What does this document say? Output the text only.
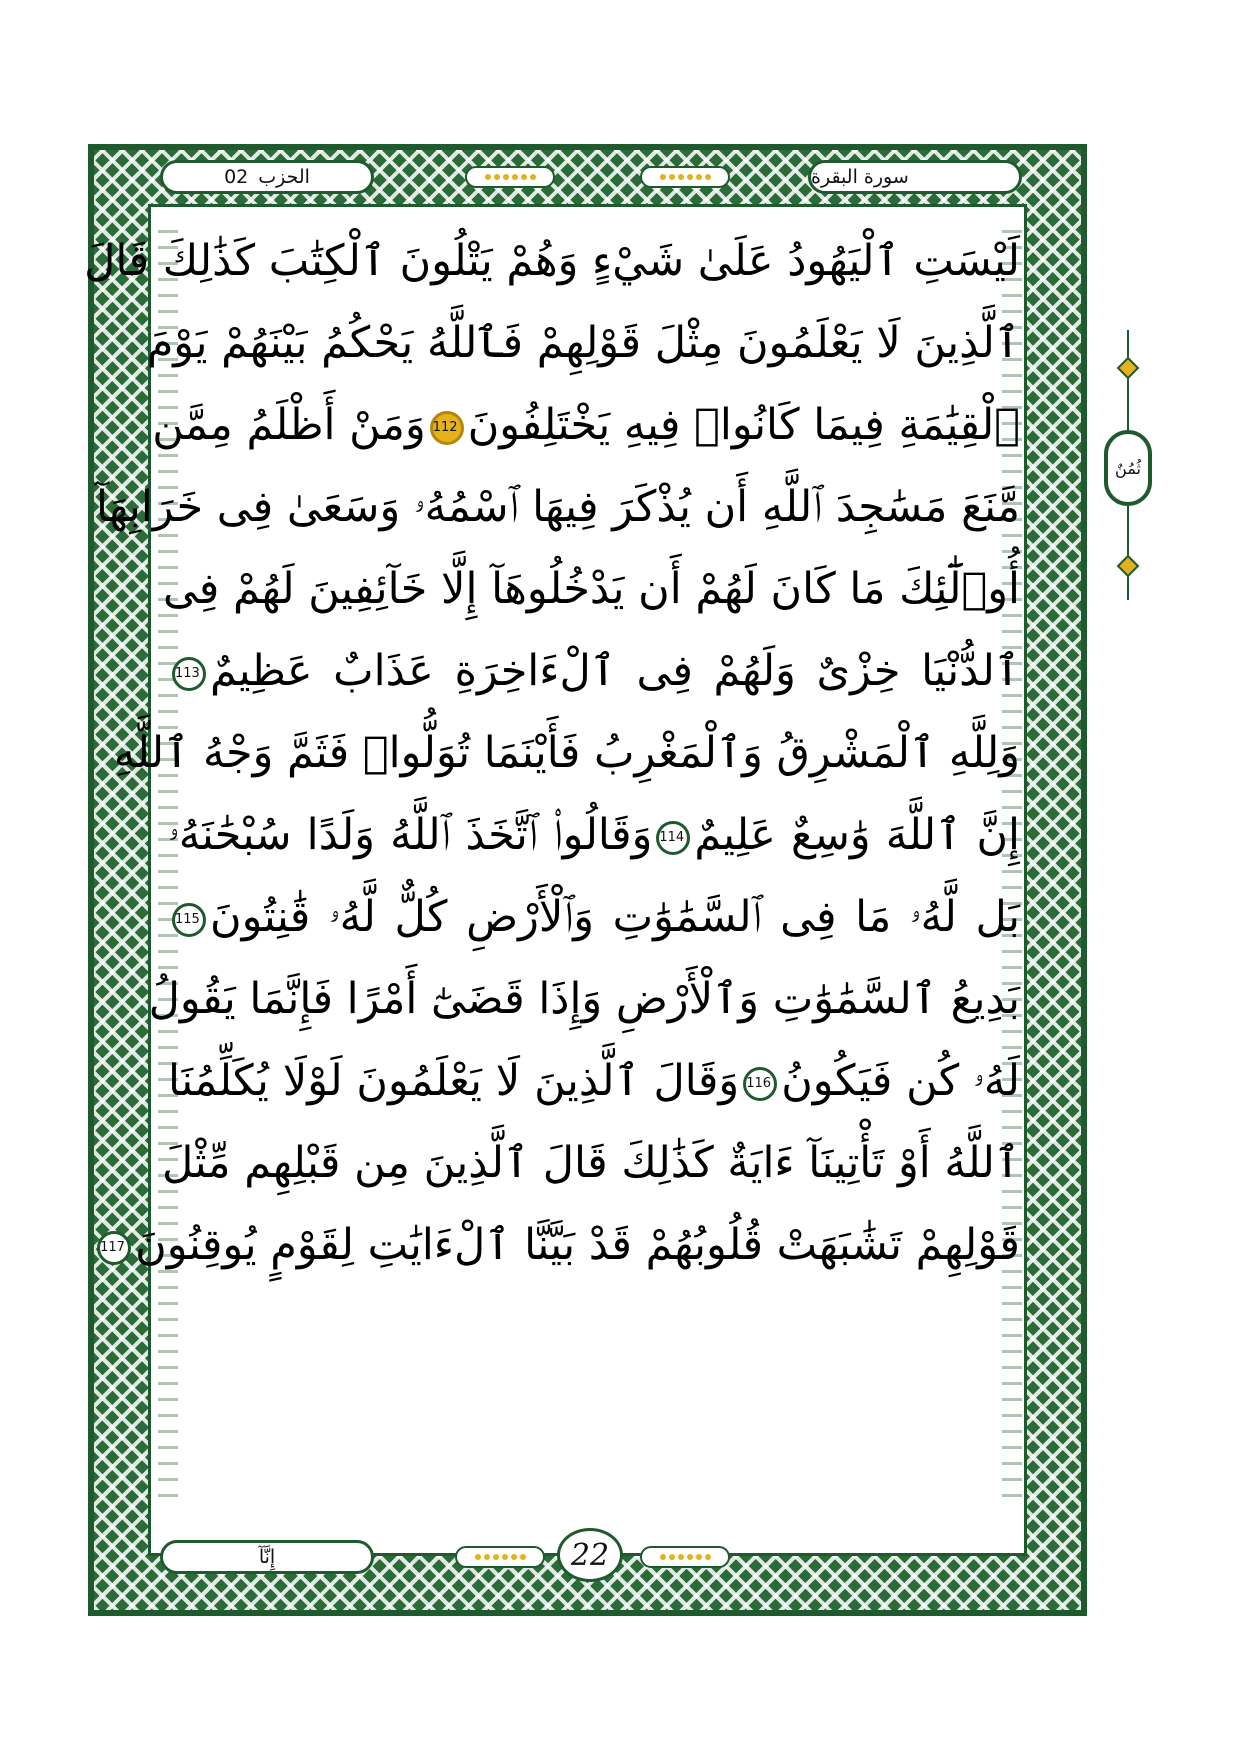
الحزب
02	سورة البقرة
لَيْسَتِ ٱلْيَهُودُ عَلَىٰ شَيْءٍ وَهُمْ يَتْلُونَ ٱلْكِتَٰبَ كَذَٰلِكَ قَالَ
ٱلَّذِينَ لَا يَعْلَمُونَ مِثْلَ قَوْلِهِمْ فَٱللَّهُ يَحْكُمُ بَيْنَهُمْ يَوْمَ
ٱلْقِيَٰمَةِ فِيمَا كَانُوا۟ فِيهِ يَخْتَلِفُونَ112وَمَنْ أَظْلَمُ مِمَّن
مَّنَعَ مَسَٰجِدَ ٱللَّهِ أَن يُذْكَرَ فِيهَا ٱسْمُهُۥ وَسَعَىٰ فِى خَرَابِهَآ
أُو۟لَٰٓئِكَ مَا كَانَ لَهُمْ أَن يَدْخُلُوهَآ إِلَّا خَآئِفِينَ لَهُمْ فِى
ٱلدُّنْيَا خِزْىٌ وَلَهُمْ فِى ٱلْءَاخِرَةِ عَذَابٌ عَظِيمٌ113
وَلِلَّهِ ٱلْمَشْرِقُ وَٱلْمَغْرِبُ فَأَيْنَمَا تُوَلُّوا۟ فَثَمَّ وَجْهُ ٱللَّهِ
إِنَّ ٱللَّهَ وَٰسِعٌ عَلِيمٌ114وَقَالُوا۟ ٱتَّخَذَ ٱللَّهُ وَلَدًا سُبْحَٰنَهُۥ
بَل لَّهُۥ مَا فِى ٱلسَّمَٰوَٰتِ وَٱلْأَرْضِ كُلٌّ لَّهُۥ قَٰنِتُونَ115
بَدِيعُ ٱلسَّمَٰوَٰتِ وَٱلْأَرْضِ وَإِذَا قَضَىٰٓ أَمْرًا فَإِنَّمَا يَقُولُ
لَهُۥ كُن فَيَكُونُ116وَقَالَ ٱلَّذِينَ لَا يَعْلَمُونَ لَوْلَا يُكَلِّمُنَا
ٱللَّهُ أَوْ تَأْتِينَآ ءَايَةٌ كَذَٰلِكَ قَالَ ٱلَّذِينَ مِن قَبْلِهِم مِّثْلَ
قَوْلِهِمْ تَشَٰبَهَتْ قُلُوبُهُمْ قَدْ بَيَّنَّا ٱلْءَايَٰتِ لِقَوْمٍ يُوقِنُونَ117
إِنَّآ	22
ثُمُنٌ
